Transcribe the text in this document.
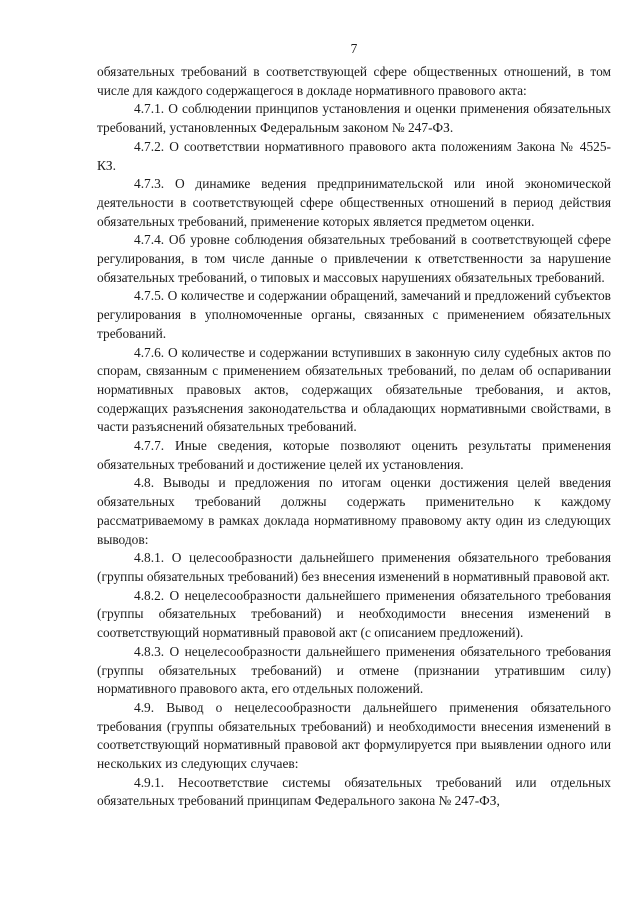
7

обязательных требований в соответствующей сфере общественных отношений, в том числе для каждого содержащегося в докладе нормативного правового акта:

4.7.1. О соблюдении принципов установления и оценки применения обязательных требований, установленных Федеральным законом № 247-ФЗ.

4.7.2. О соответствии нормативного правового акта положениям Закона № 4525-КЗ.

4.7.3. О динамике ведения предпринимательской или иной экономической деятельности в соответствующей сфере общественных отношений в период действия обязательных требований, применение которых является предметом оценки.

4.7.4. Об уровне соблюдения обязательных требований в соответствующей сфере регулирования, в том числе данные о привлечении к ответственности за нарушение обязательных требований, о типовых и массовых нарушениях обязательных требований.

4.7.5. О количестве и содержании обращений, замечаний и предложений субъектов регулирования в уполномоченные органы, связанных с применением обязательных требований.

4.7.6. О количестве и содержании вступивших в законную силу судебных актов по спорам, связанным с применением обязательных требований, по делам об оспаривании нормативных правовых актов, содержащих обязательные требования, и актов, содержащих разъяснения законодательства и обладающих нормативными свойствами, в части разъяснений обязательных требований.

4.7.7. Иные сведения, которые позволяют оценить результаты применения обязательных требований и достижение целей их установления.

4.8. Выводы и предложения по итогам оценки достижения целей введения обязательных требований должны содержать применительно к каждому рассматриваемому в рамках доклада нормативному правовому акту один из следующих выводов:

4.8.1. О целесообразности дальнейшего применения обязательного требования (группы обязательных требований) без внесения изменений в нормативный правовой акт.

4.8.2. О нецелесообразности дальнейшего применения обязательного требования (группы обязательных требований) и необходимости внесения изменений в соответствующий нормативный правовой акт (с описанием предложений).

4.8.3. О нецелесообразности дальнейшего применения обязательного требования (группы обязательных требований) и отмене (признании утратившим силу) нормативного правового акта, его отдельных положений.

4.9. Вывод о нецелесообразности дальнейшего применения обязательного требования (группы обязательных требований) и необходимости внесения изменений в соответствующий нормативный правовой акт формулируется при выявлении одного или нескольких из следующих случаев:

4.9.1. Несоответствие системы обязательных требований или отдельных обязательных требований принципам Федерального закона № 247-ФЗ,
